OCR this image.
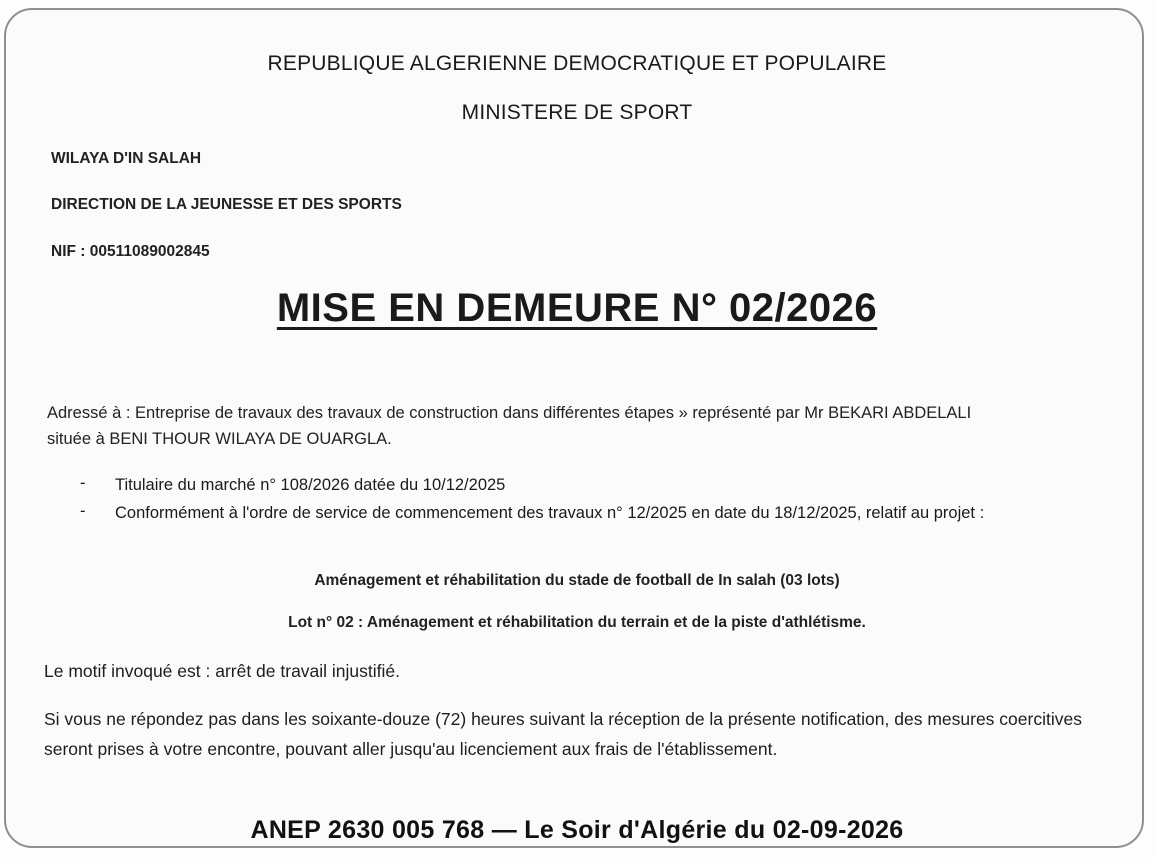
REPUBLIQUE ALGERIENNE DEMOCRATIQUE ET POPULAIRE
MINISTERE DE SPORT
WILAYA D'IN SALAH
DIRECTION DE LA JEUNESSE ET DES SPORTS
NIF : 00511089002845
MISE EN DEMEURE N° 02/2026
Adressé à : Entreprise de travaux des travaux de construction dans différentes étapes » représenté par Mr BEKARI ABDELALI
située à BENI THOUR WILAYA DE OUARGLA.
- Titulaire du marché n° 108/2026 datée du 10/12/2025
- Conformément à l'ordre de service de commencement des travaux n° 12/2025 en date du 18/12/2025, relatif au projet :
Aménagement et réhabilitation du stade de football de In salah (03 lots)
Lot n° 02 : Aménagement et réhabilitation du terrain et de la piste d'athlétisme.
Le motif invoqué est : arrêt de travail injustifié.
Si vous ne répondez pas dans les soixante-douze (72) heures suivant la réception de la présente notification, des mesures coercitives seront prises à votre encontre, pouvant aller jusqu'au licenciement aux frais de l'établissement.
ANEP 2630 005 768 — Le Soir d'Algérie du 02-09-2026
